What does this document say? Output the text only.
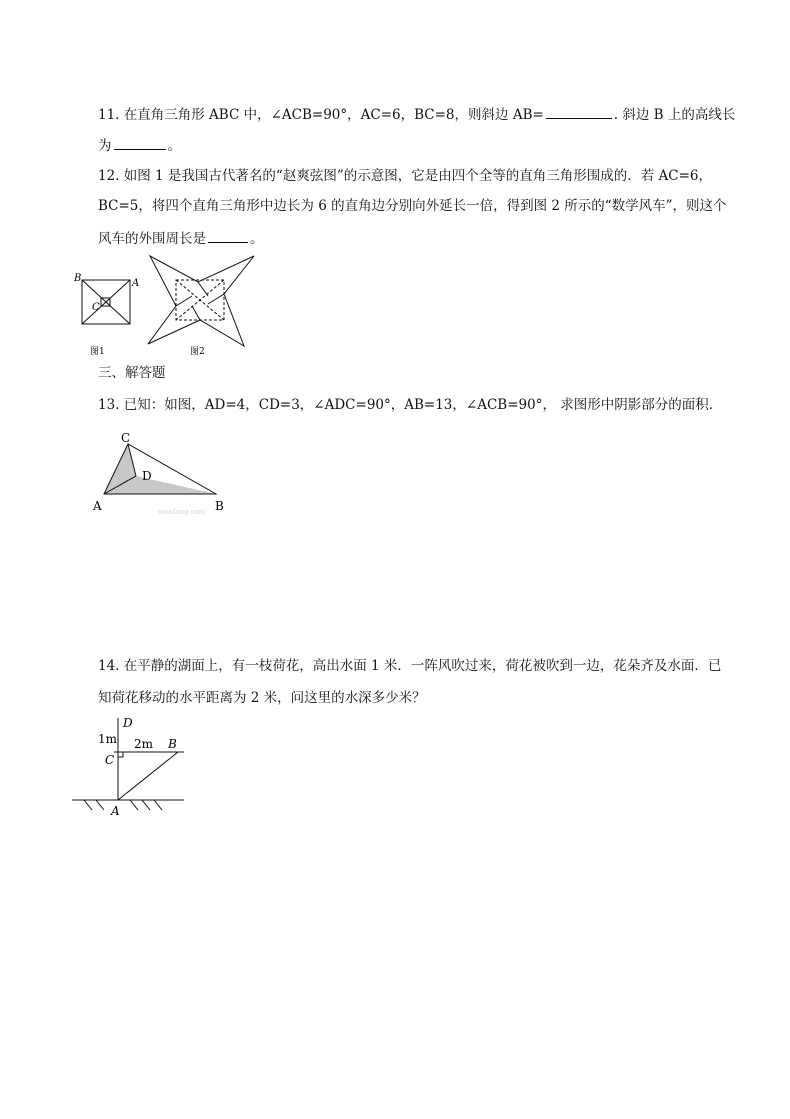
11. 在直角三角形 ABC 中，∠ACB=90°，AC=6，BC=8，则斜边 AB=	. 斜边 B 上的高线长
为	。
12. 如图 1 是我国古代著名的“赵爽弦图”的示意图，它是由四个全等的直角三角形围成的．若 AC=6，
BC=5，将四个直角三角形中边长为 6 的直角边分别向外延长一倍，得到图 2 所示的“数学风车”，则这个
风车的外围周长是	。
B	A
C
图1	图2
三、解答题
13. 已知：如图，AD=4，CD=3，∠ADC=90°，AB=13，∠ACB=90°， 求图形中阴影部分的面积．
C
D
A	B
wanfang.com
14. 在平静的湖面上，有一枝荷花，高出水面 1 米．一阵风吹过来，荷花被吹到一边，花朵齐及水面．已
知荷花移动的水平距离为 2 米，问这里的水深多少米？
D
1m 2m B
C
A
